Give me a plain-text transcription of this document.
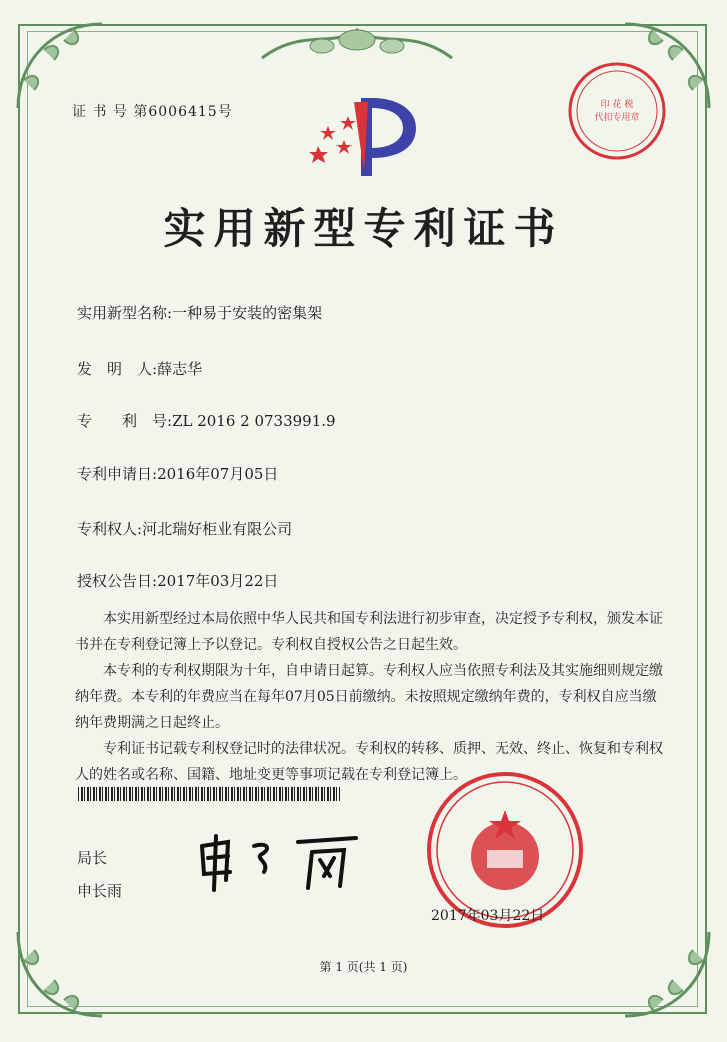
证 书 号 第6006415号	印 花 税
代扣专用章
实用新型专利证书
实用新型名称:一种易于安装的密集架
发　明　人:薛志华
专　　利　号:ZL 2016 2 0733991.9
专利申请日:2016年07月05日
专利权人:河北瑞好柜业有限公司
授权公告日:2017年03月22日

本实用新型经过本局依照中华人民共和国专利法进行初步审查，决定授予专利权，颁发本证书并在专利登记簿上予以登记。专利权自授权公告之日起生效。

本专利的专利权期限为十年，自申请日起算。专利权人应当依照专利法及其实施细则规定缴纳年费。本专利的年费应当在每年07月05日前缴纳。未按照规定缴纳年费的，专利权自应当缴纳年费期满之日起终止。

专利证书记载专利权登记时的法律状况。专利权的转移、质押、无效、终止、恢复和专利权人的姓名或名称、国籍、地址变更等事项记载在专利登记簿上。

局长
申长雨
2017年03月22日
第 1 页(共 1 页)
